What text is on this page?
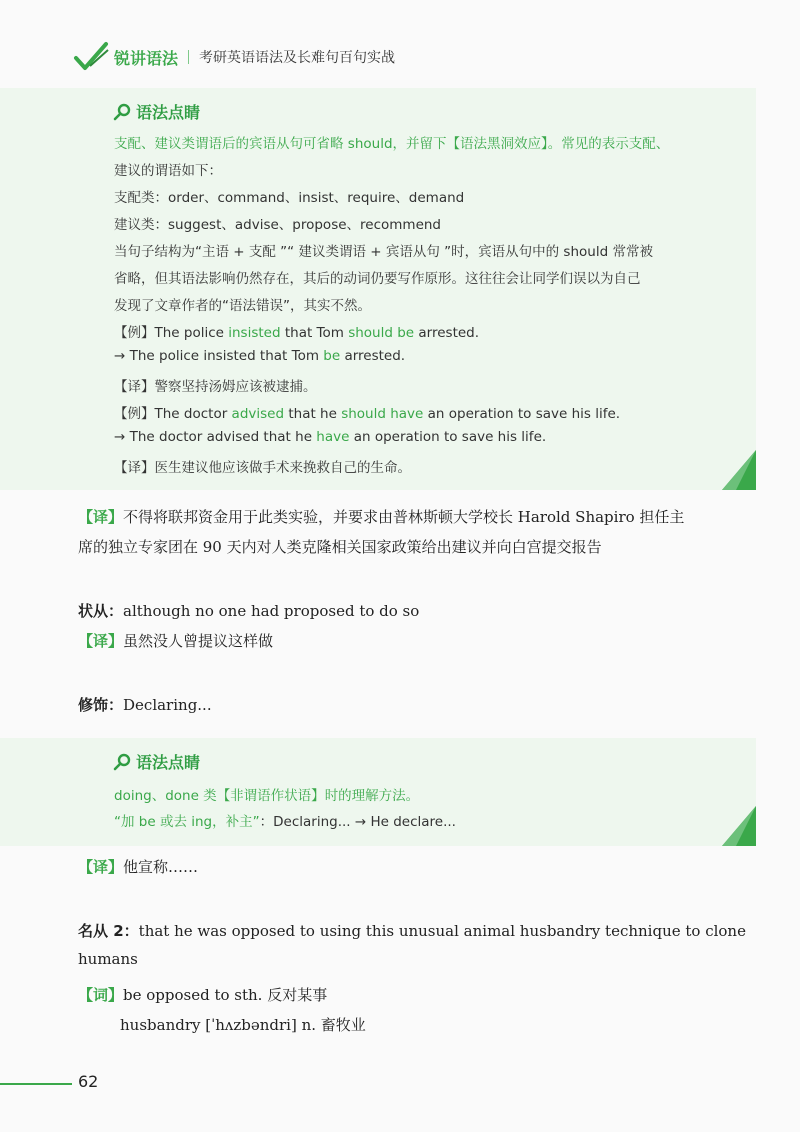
锐讲语法 考研英语语法及长难句百句实战
语法点睛
支配、建议类谓语后的宾语从句可省略 should，并留下【语法黑洞效应】。常见的表示支配、
建议的谓语如下：
支配类：order、command、insist、require、demand
建议类：suggest、advise、propose、recommend
当句子结构为“主语 + 支配 ”“ 建议类谓语 + 宾语从句 ”时，宾语从句中的 should 常常被
省略，但其语法影响仍然存在，其后的动词仍要写作原形。这往往会让同学们误以为自己
发现了文章作者的“语法错误”，其实不然。
【例】The police insisted that Tom should be arrested.
→ The police insisted that Tom be arrested.
【译】警察坚持汤姆应该被逮捕。
【例】The doctor advised that he should have an operation to save his life.
→ The doctor advised that he have an operation to save his life.
【译】医生建议他应该做手术来挽救自己的生命。
【译】不得将联邦资金用于此类实验，并要求由普林斯顿大学校长 Harold Shapiro 担任主
席的独立专家团在 90 天内对人类克隆相关国家政策给出建议并向白宫提交报告
状从：although no one had proposed to do so
【译】虽然没人曾提议这样做
修饰：Declaring...
语法点睛
doing、done 类【非谓语作状语】时的理解方法。
“加 be 或去 ing，补主”：Declaring... → He declare...
【译】他宣称……
名从 2：that he was opposed to using this unusual animal husbandry technique to clone
humans
【词】be opposed to sth. 反对某事
husbandry [ˈhʌzbəndri] n. 畜牧业
62
